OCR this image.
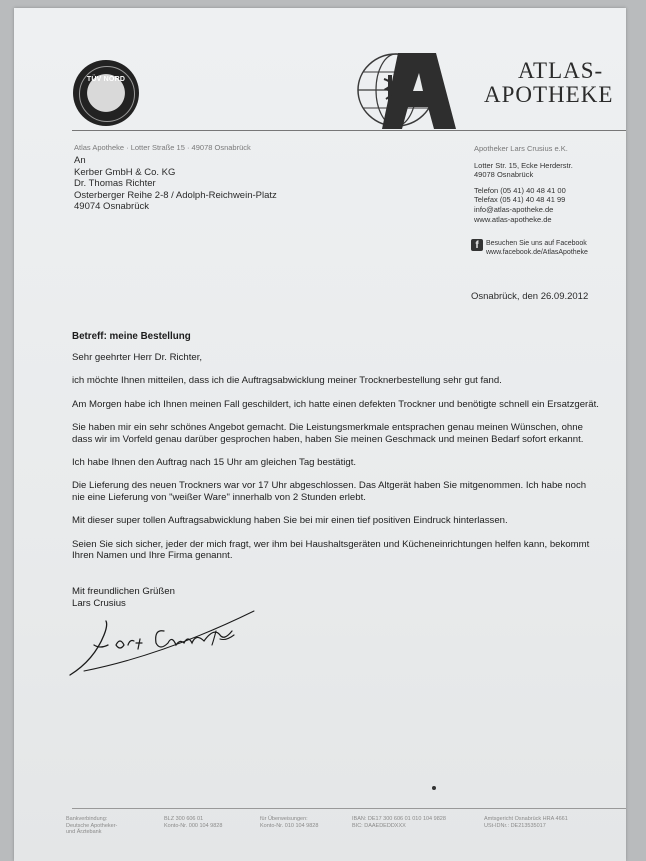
TÜV NORD	ATLAS-
APOTHEKE
Atlas Apotheke · Lotter Straße 15 · 49078 Osnabrück
An
Kerber GmbH & Co. KG
Dr. Thomas Richter
Osterberger Reihe 2-8 / Adolph-Reichwein-Platz
49074 Osnabrück
Apotheker Lars Crusius e.K.
Lotter Str. 15, Ecke Herderstr.
49078 Osnabrück
Telefon (05 41) 40 48 41 00
Telefax (05 41) 40 48 41 99
info@atlas-apotheke.de
www.atlas-apotheke.de
f Besuchen Sie uns auf Facebook
www.facebook.de/AtlasApotheke
Osnabrück, den 26.09.2012
Betreff: meine Bestellung

Sehr geehrter Herr Dr. Richter,

ich möchte Ihnen mitteilen, dass ich die Auftragsabwicklung meiner Trocknerbestellung sehr gut fand.

Am Morgen habe ich Ihnen meinen Fall geschildert, ich hatte einen defekten Trockner und benötigte schnell ein Ersatzgerät.

Sie haben mir ein sehr schönes Angebot gemacht. Die Leistungsmerkmale entsprachen genau meinen Wünschen, ohne dass wir im Vorfeld genau darüber gesprochen haben, haben Sie meinen Geschmack und meinen Bedarf sofort erkannt.

Ich habe Ihnen den Auftrag nach 15 Uhr am gleichen Tag bestätigt.

Die Lieferung des neuen Trockners war vor 17 Uhr abgeschlossen. Das Altgerät haben Sie mitgenommen. Ich habe noch nie eine Lieferung von "weißer Ware" innerhalb von 2 Stunden erlebt.

Mit dieser super tollen Auftragsabwicklung haben Sie bei mir einen tief positiven Eindruck hinterlassen.

Seien Sie sich sicher, jeder der mich fragt, wer ihm bei Haushaltsgeräten und Kücheneinrichtungen helfen kann, bekommt Ihren Namen und Ihre Firma genannt.

Mit freundlichen Grüßen
Lars Crusius
Bankverbindung:
Deutsche Apotheker-
und Ärztebank
BLZ 300 606 01
Konto-Nr. 000 104 9828
für Überweisungen:
Konto-Nr. 010 104 9828
IBAN: DE17 300 606 01 010 104 9828
BIC: DAAEDEDDXXX
Amtsgericht Osnabrück HRA 4661
USt-IDNr.: DE213535017
